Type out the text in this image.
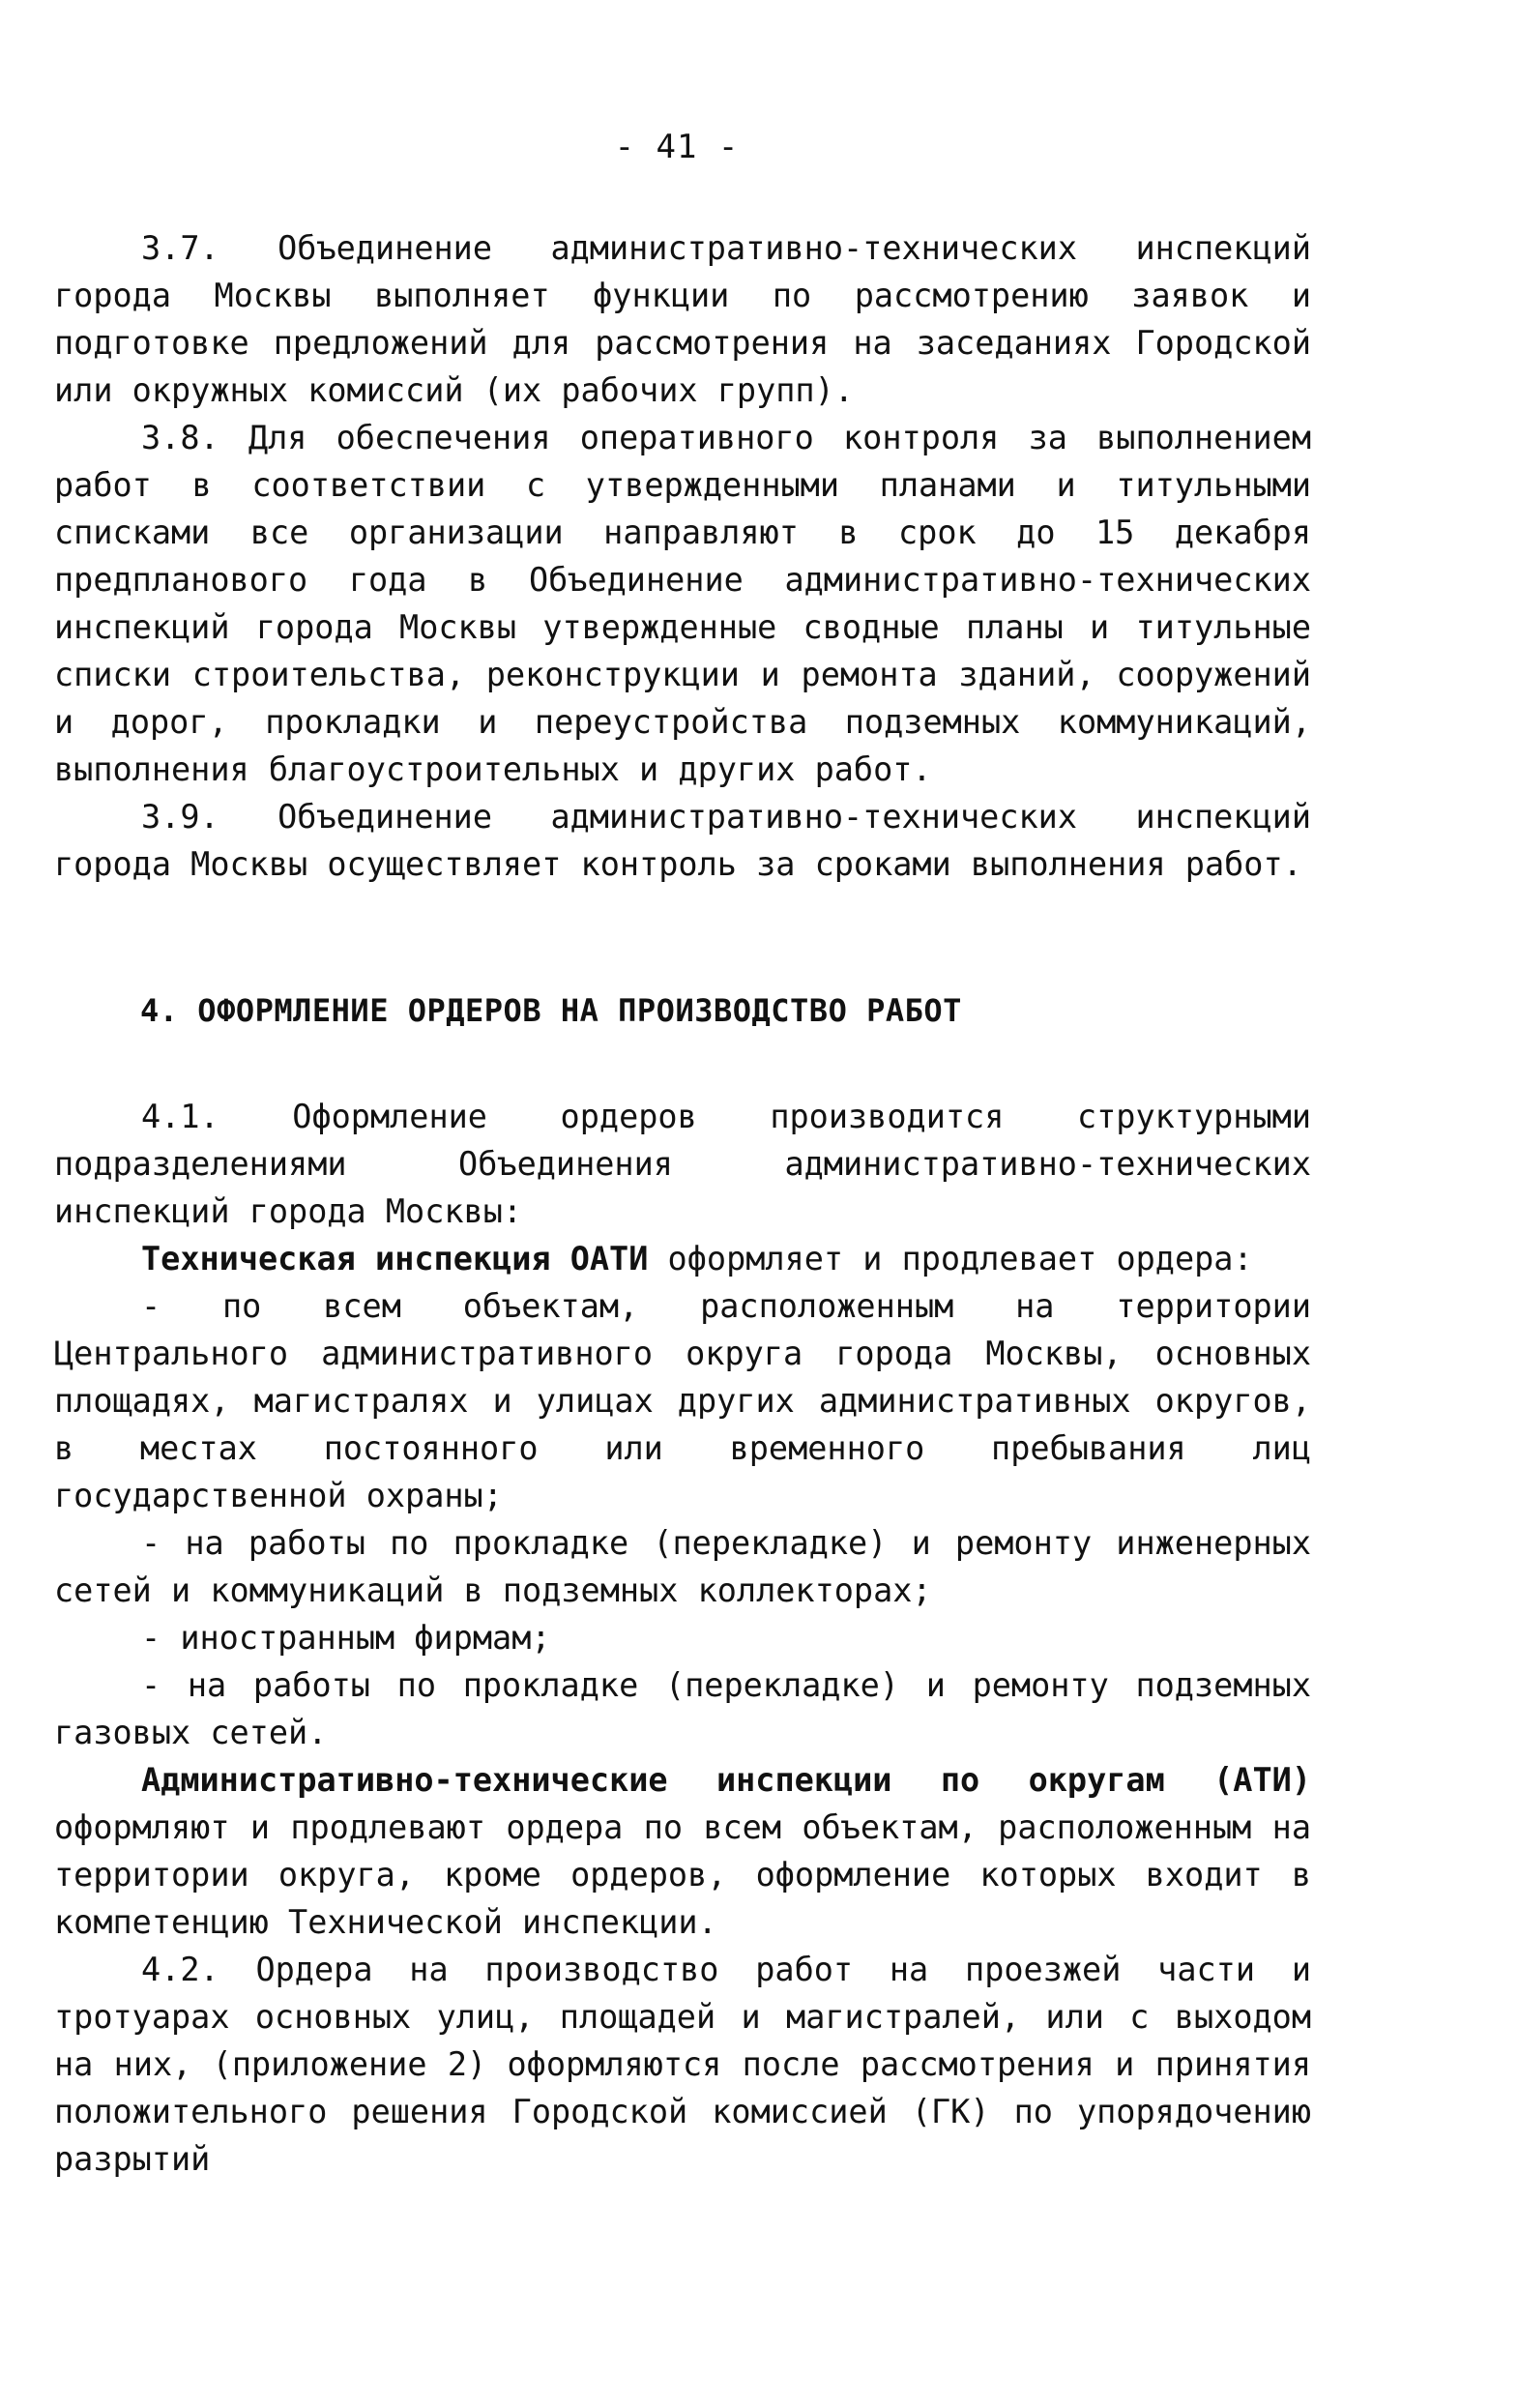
- 41 -

3.7. Объединение административно-технических инспекций города Москвы выполняет функции по рассмотрению заявок и подготовке предложений для рассмотрения на заседаниях Городской или окружных комиссий (их рабочих групп).

3.8. Для обеспечения оперативного контроля за выполнением работ в соответствии с утвержденными планами и титульными списками все организации направляют в срок до 15 декабря предпланового года в Объединение административно-технических инспекций города Москвы утвержденные сводные планы и титульные списки строительства, реконструкции и ремонта зданий, сооружений и дорог, прокладки и переустройства подземных коммуникаций, выполнения благоустроительных и других работ.

3.9. Объединение административно-технических инспекций города Москвы осуществляет контроль за сроками выполнения работ.

4. ОФОРМЛЕНИЕ ОРДЕРОВ НА ПРОИЗВОДСТВО РАБОТ

4.1. Оформление ордеров производится структурными подразделениями Объединения административно-технических инспекций города Москвы:

Техническая инспекция ОАТИ оформляет и продлевает ордера:

- по всем объектам, расположенным на территории Центрального административного округа города Москвы, основных площадях, магистралях и улицах других административных округов, в местах постоянного или временного пребывания лиц государственной охраны;

- на работы по прокладке (перекладке) и ремонту инженерных сетей и коммуникаций в подземных коллекторах;

- иностранным фирмам;

- на работы по прокладке (перекладке) и ремонту подземных газовых сетей.

Административно-технические инспекции по округам (АТИ) оформляют и продлевают ордера по всем объектам, расположенным на территории округа, кроме ордеров, оформление которых входит в компетенцию Технической инспекции.

4.2. Ордера на производство работ на проезжей части и тротуарах основных улиц, площадей и магистралей, или с выходом на них, (приложение 2) оформляются после рассмотрения и принятия положительного решения Городской комиссией (ГК) по упорядочению разрытий
